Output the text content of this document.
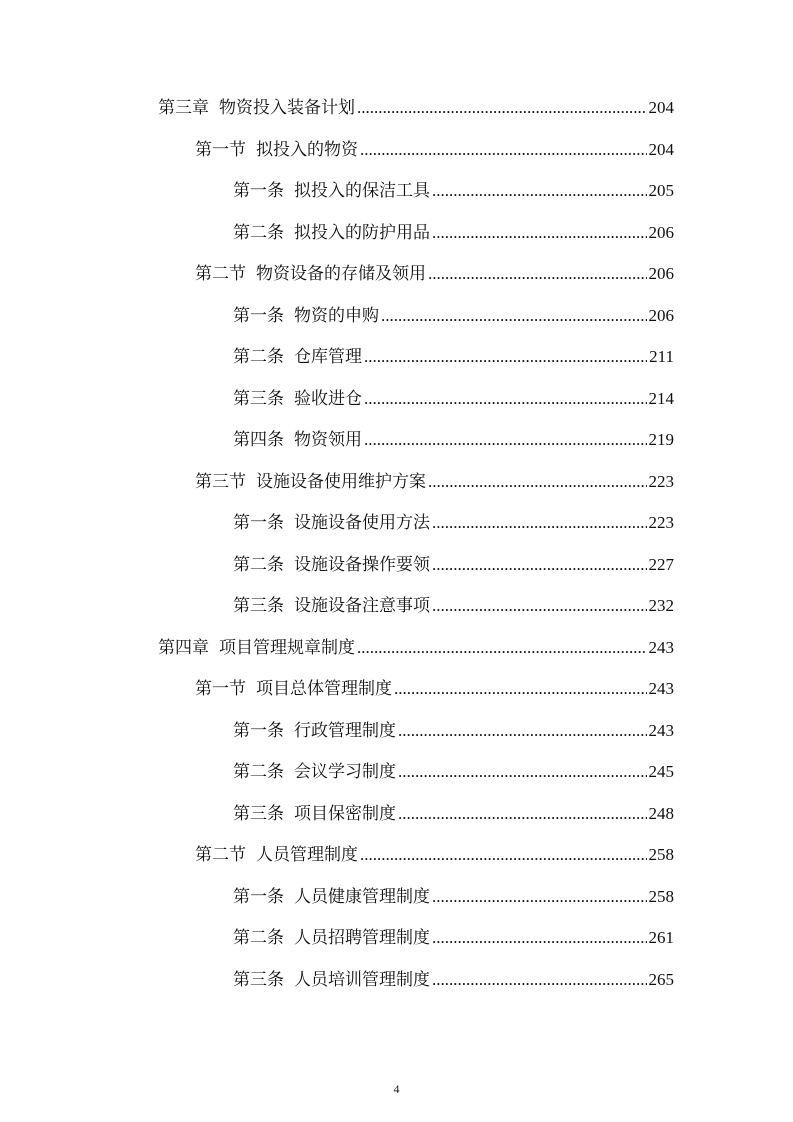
第三章 物资投入装备计划 .....	204
第一节 拟投入的物资 .....	204
第一条 拟投入的保洁工具 .....	205
第二条 拟投入的防护用品 .....	206
第二节 物资设备的存储及领用 .....	206
第一条 物资的申购 .....	206
第二条 仓库管理 .....	211
第三条 验收进仓 .....	214
第四条 物资领用 .....	219
第三节 设施设备使用维护方案 .....	223
第一条 设施设备使用方法 .....	223
第二条 设施设备操作要领 .....	227
第三条 设施设备注意事项 .....	232
第四章 项目管理规章制度 .....	243
第一节 项目总体管理制度 .....	243
第一条 行政管理制度 .....	243
第二条 会议学习制度 .....	245
第三条 项目保密制度 .....	248
第二节 人员管理制度 .....	258
第一条 人员健康管理制度 .....	258
第二条 人员招聘管理制度 .....	261
第三条 人员培训管理制度 .....	265
4
